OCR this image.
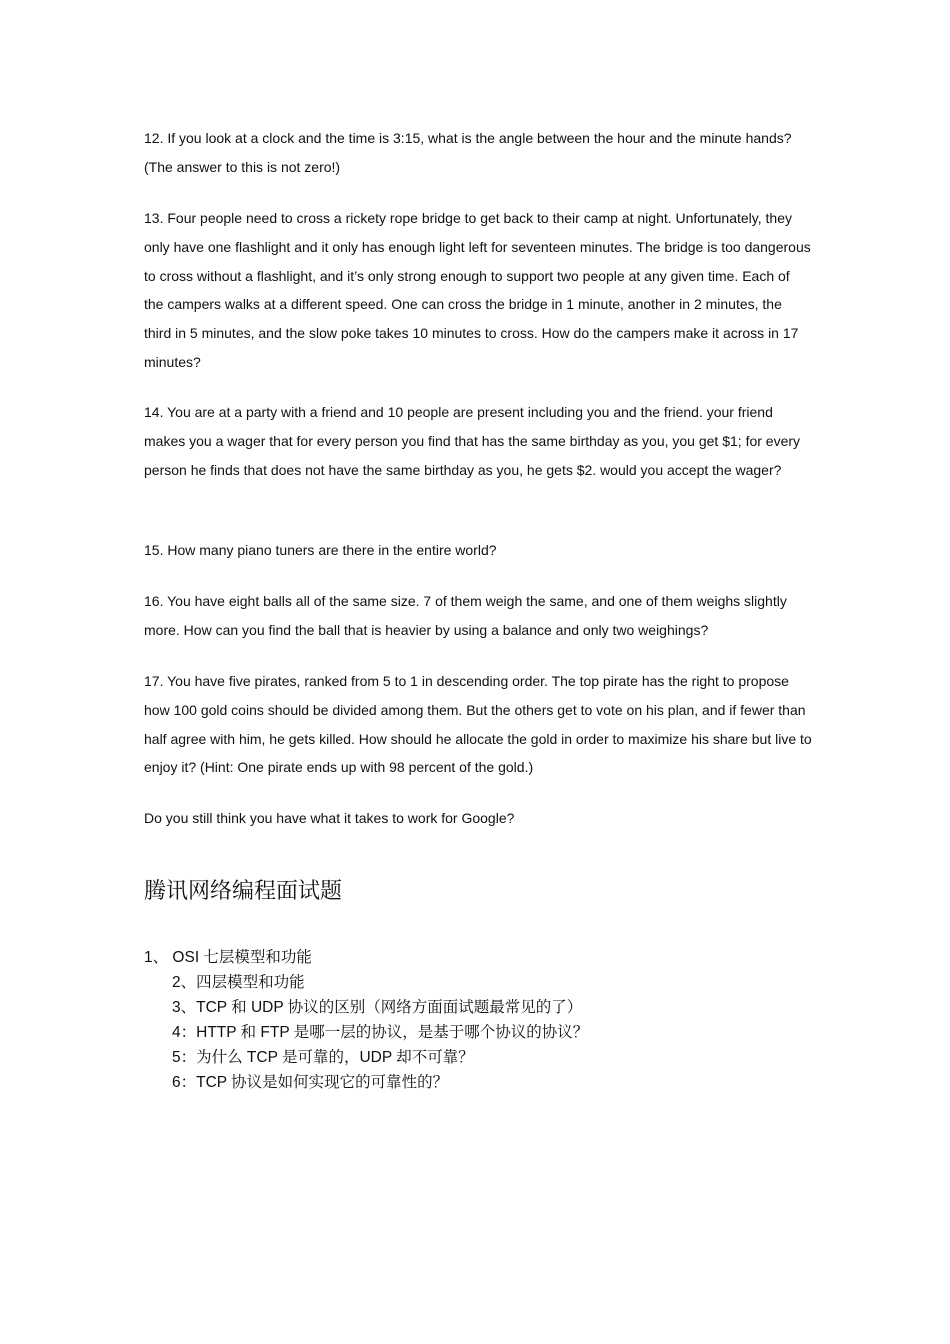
12. If you look at a clock and the time is 3:15, what is the angle between the hour and the minute hands? (The answer to this is not zero!)

13. Four people need to cross a rickety rope bridge to get back to their camp at night. Unfortunately, they only have one flashlight and it only has enough light left for seventeen minutes. The bridge is too dangerous to cross without a flashlight, and it’s only strong enough to support two people at any given time. Each of the campers walks at a different speed. One can cross the bridge in 1 minute, another in 2 minutes, the third in 5 minutes, and the slow poke takes 10 minutes to cross. How do the campers make it across in 17 minutes?

14. You are at a party with a friend and 10 people are present including you and the friend. your friend makes you a wager that for every person you find that has the same birthday as you, you get $1; for every person he finds that does not have the same birthday as you, he gets $2. would you accept the wager?

15. How many piano tuners are there in the entire world?

16. You have eight balls all of the same size. 7 of them weigh the same, and one of them weighs slightly more. How can you find the ball that is heavier by using a balance and only two weighings?

17. You have five pirates, ranked from 5 to 1 in descending order. The top pirate has the right to propose how 100 gold coins should be divided among them. But the others get to vote on his plan, and if fewer than half agree with him, he gets killed. How should he allocate the gold in order to maximize his share but live to enjoy it? (Hint: One pirate ends up with 98 percent of the gold.)

Do you still think you have what it takes to work for Google?

腾讯网络编程面试题

1、 OSI 七层模型和功能

2、四层模型和功能

3、TCP 和 UDP 协议的区别（网络方面面试题最常见的了）

4：HTTP 和 FTP 是哪一层的协议，是基于哪个协议的协议？

5：为什么 TCP 是可靠的，UDP 却不可靠？

6：TCP 协议是如何实现它的可靠性的？
